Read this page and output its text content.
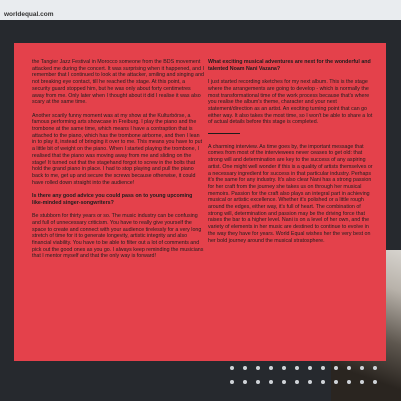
worldequal.com

the Tangier Jazz Festival in Morocco someone from the BDS movement attacked me during the concert. It was surprising when it happened, and I remember that I continued to look at the attacker, smiling and singing and not breaking eye contact, till he reached the stage. At this point, a security guard stopped him, but he was only about forty centimetres away from me. Only later when I thought about it did I realise it was also scary at the same time.

Another scarily funny moment was at my show at the Kulturbörse, a famous performing arts showcase in Freiburg. I play the piano and the trombone at the same time, which means I have a contraption that is attached to the piano, which has the trombone airborne, and then I lean in to play it, instead of bringing it over to me. This means you have to put a little bit of weight on the piano. When I started playing the trombone, I realised that the piano was moving away from me and sliding on the stage! It turned out that the stagehand forgot to screw in the bolts that hold the grand piano in place. I had to stop playing and pull the piano back to me, get up and secure the screws because otherwise, it could have rolled down straight into the audience!

Is there any good advice you could pass on to young upcoming like-minded singer-songwriters?

Be stubborn for thirty years or so. The music industry can be confusing and full of unnecessary criticism. You have to really give yourself the space to create and connect with your audience tirelessly for a very long stretch of time for it to generate longevity, artistic integrity and also financial viability. You have to be able to filter out a lot of comments and pick out the good ones as you go. I always keep reminding the musicians that I mentor myself and that the only way is forward!

What exciting musical adventures are next for the wonderful and talented Noam Nani Vazana?

I just started recording sketches for my next album. This is the stage where the arrangements are going to develop - which is normally the most transformational time of the work process because that's where you realise the album's theme, character and your next statement/direction as an artist. An exciting turning point that can go either way. It also takes the most time, so I won't be able to share a lot of actual details before this stage is completed.

A charming interview. As time goes by, the important message that comes from most of the interviewees never ceases to get old: that strong will and determination are key to the success of any aspiring artist. One might well wonder if this is a quality of artists themselves or a necessary ingredient for success in that particular industry. Perhaps it's the same for any industry. It's also clear Nani has a strong passion for her craft from the journey she takes us on through her musical memoirs. Passion for the craft also plays an integral part in achieving musical or artistic excellence. Whether it's polished or a little rough around the edges, either way, it's full of heart. The combination of strong will, determination and passion may be the driving force that raises the bar to a higher level. Nani is on a level of her own, and the variety of elements in her music are destined to continue to evolve in the way they have for years. World Equal wishes her the very best on her bold journey around the musical stratosphere.
